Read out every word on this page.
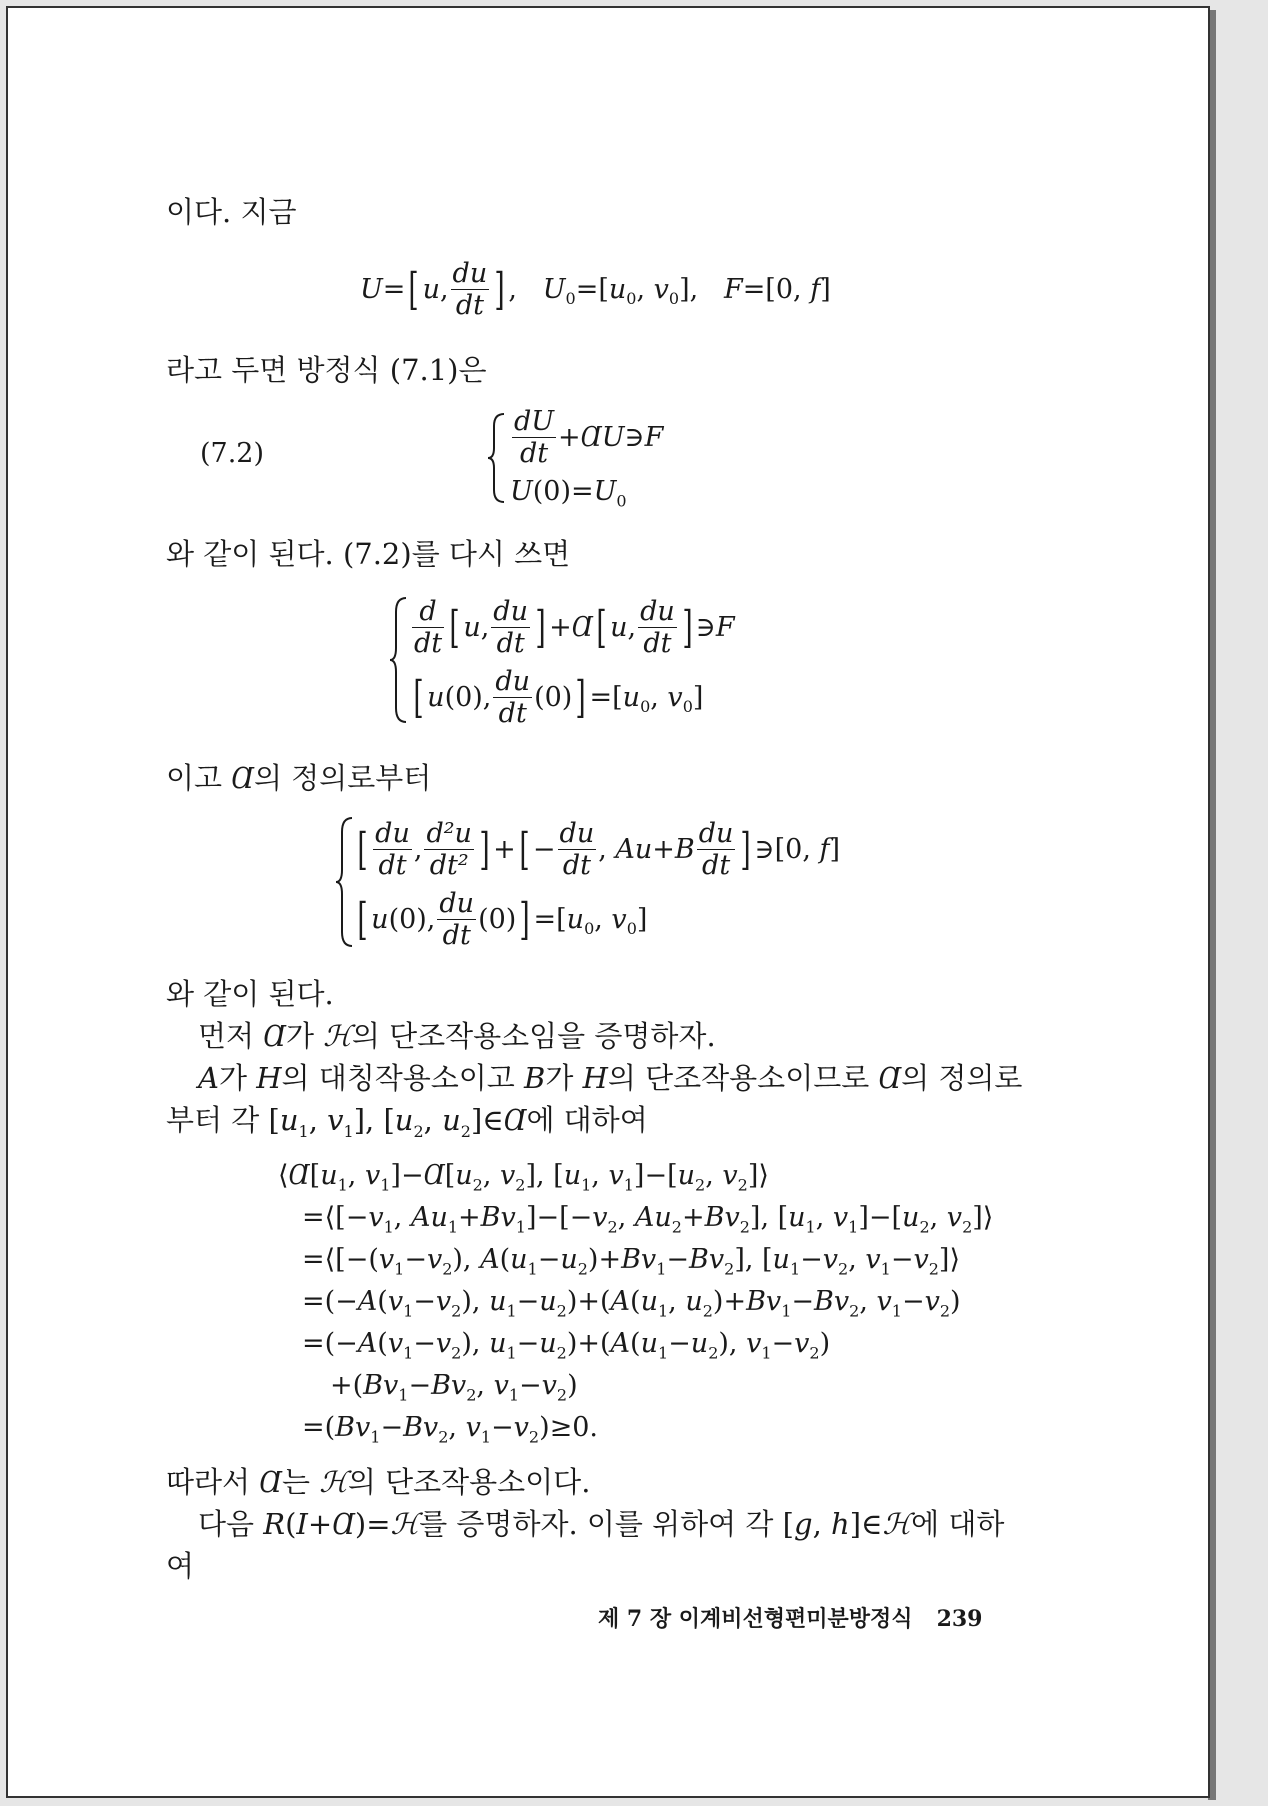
이다. 지금
U=[ u, $\frac{du}{dt}$ ] ,   $U_0=[u_0$, $v_0$],   F=[0, f]
라고 두면 방정식 (7.1)은
(7.2)	$\frac{dU}{dt}$ +ⱭU∋F
$U(0)=U_0$
와 같이 된다. (7.2)를 다시 쓰면
$\frac{d}{dt}$ [ u, $\frac{du}{dt}$ ] +Ɑ[ u, $\frac{du}{dt}$ ] ∋F
[ u(0), $\frac{du}{dt} (0)] =[u_0$, $v_0$]
이고 Ɑ의 정의로부터
[ $\frac{du}{dt}$ , $\frac{\text{d²u}}{\text{dt²}}$ ] +[ − $\frac{du}{dt}$ , $Au+B \frac{du}{dt}$ ] ∋[0, f]
[ u(0), $\frac{du}{dt} (0)] =[u_0$, $v_0$]
와 같이 된다.
먼저 Ɑ가 ℋ의 단조작용소임을 증명하자.
A가 H의 대칭작용소이고 B가 H의 단조작용소이므로 Ɑ의 정의로
부터 각 [$u_1$, $v_1$], [$u_2$, $u_2]\in Ɑ$에 대하여
$⟨Ɑ[u_1$, $v_1]-Ɑ[u_2$, $v_2$], [$u_1$, $v_1]-[u_2$, $v_2]⟩$
$=⟨[-v_1$, $Au_1+Bv_1]-[-v_2$, $Au_2+Bv_2$], [$u_1$, $v_1]-[u_2$, $v_2]⟩$
$=⟨[-(v_1-v_2)$, $A(u_1-u_2)+Bv_1-Bv_2$], [$u_1-v_2$, $v_1-v_2]⟩$
$=(-A(v_1-v_2)$, $u_1-u_2)+(A(u_1$, $u_2)+Bv_1-Bv_2$, $v_1-v_2$)
$=(-A(v_1-v_2)$, $u_1-u_2)+(A(u_1-u_2)$, $v_1-v_2$)
$+(Bv_1-Bv_2$, $v_1-v_2$)
$=(Bv_1-Bv_2$, $v_1-v_2)\ge 0$.
따라서 Ɑ는 ℋ의 단조작용소이다.
다음 R(I+Ɑ)=ℋ를 증명하자. 이를 위하여 각 [g, h]∈ℋ에 대하
여
제 7 장 이계비선형편미분방정식 239
